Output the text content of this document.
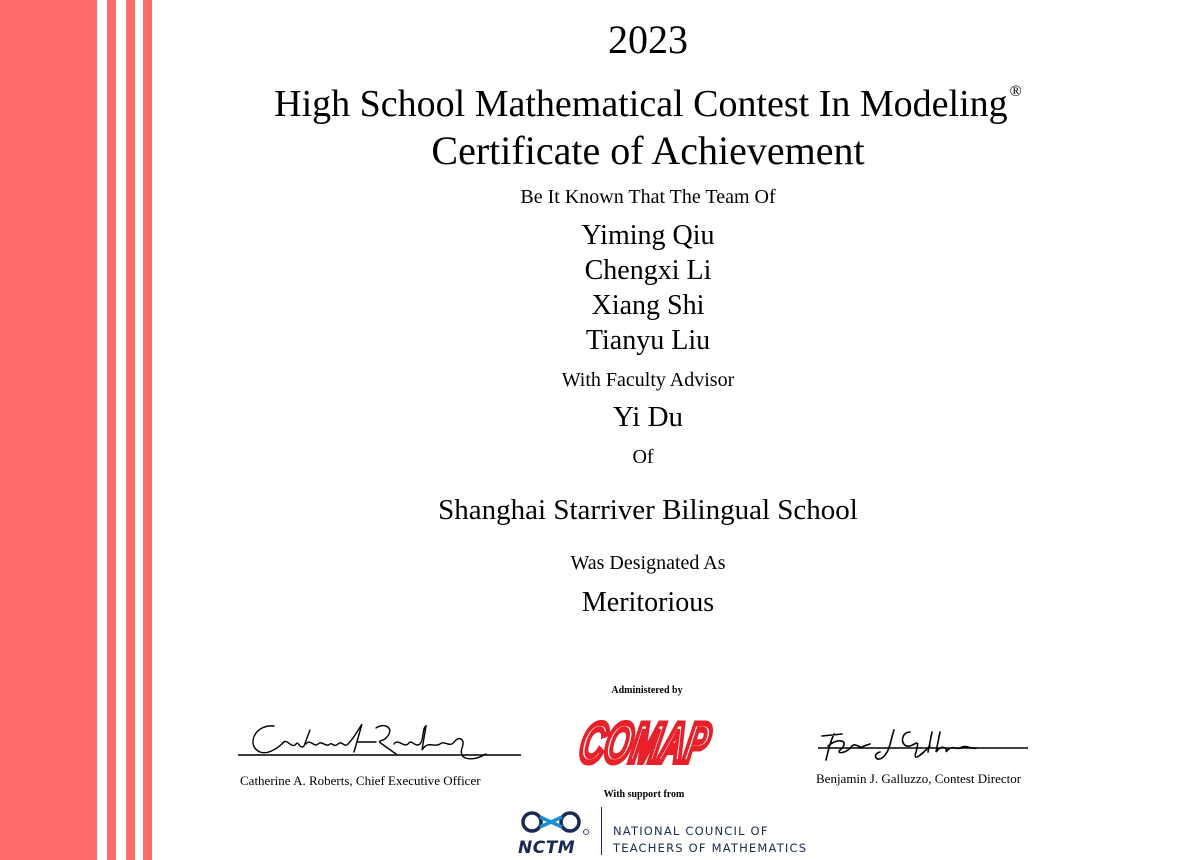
2023
High School Mathematical Contest In Modeling ®
Certificate of Achievement
Be It Known That The Team Of
Yiming Qiu
Chengxi Li
Xiang Shi
Tianyu Liu
With Faculty Advisor
Yi Du
Of
Shanghai Starriver Bilingual School
Was Designated As
Meritorious
Catherine A. Roberts, Chief Executive Officer	Benjamin J. Galluzzo, Contest Director
Administered by
COMAP
With support from
NCTM
NATIONAL COUNCIL OF
TEACHERS OF MATHEMATICS
